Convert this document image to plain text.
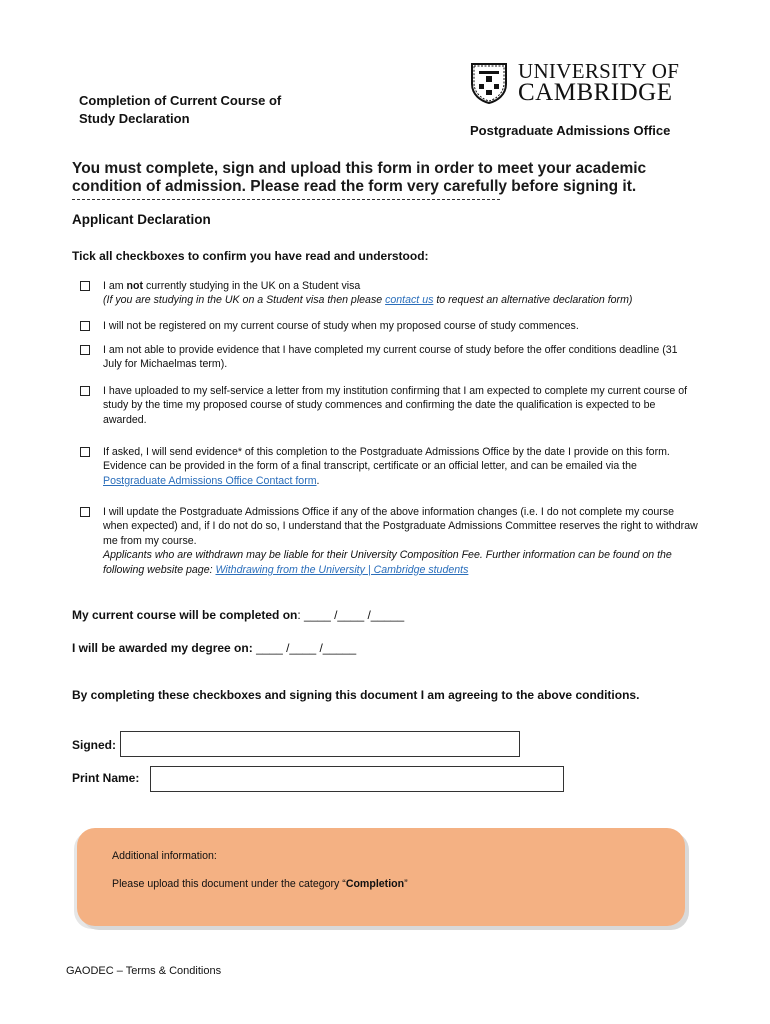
Completion of Current Course of
Study Declaration
UNIVERSITY OF
CAMBRIDGE
Postgraduate Admissions Office
You must complete, sign and upload this form in order to meet your academic condition of admission. Please read the form very carefully before signing it.
Applicant Declaration
Tick all checkboxes to confirm you have read and understood:
I am not currently studying in the UK on a Student visa
(If you are studying in the UK on a Student visa then please contact us to request an alternative declaration form)
I will not be registered on my current course of study when my proposed course of study commences.
I am not able to provide evidence that I have completed my current course of study before the offer conditions deadline (31 July for Michaelmas term).
I have uploaded to my self-service a letter from my institution confirming that I am expected to complete my current course of study by the time my proposed course of study commences and confirming the date the qualification is expected to be awarded.
If asked, I will send evidence* of this completion to the Postgraduate Admissions Office by the date I provide on this form. Evidence can be provided in the form of a final transcript, certificate or an official letter, and can be emailed via the Postgraduate Admissions Office Contact form.
I will update the Postgraduate Admissions Office if any of the above information changes (i.e. I do not complete my course when expected) and, if I do not do so, I understand that the Postgraduate Admissions Committee reserves the right to withdraw me from my course.
Applicants who are withdrawn may be liable for their University Composition Fee. Further information can be found on the following website page: Withdrawing from the University | Cambridge students
My current course will be completed on: ____ /____ /_____
I will be awarded my degree on: ____ /____ /_____
By completing these checkboxes and signing this document I am agreeing to the above conditions.
Signed:
Print Name:
Additional information:
Please upload this document under the category “Completion”
GAODEC – Terms & Conditions
